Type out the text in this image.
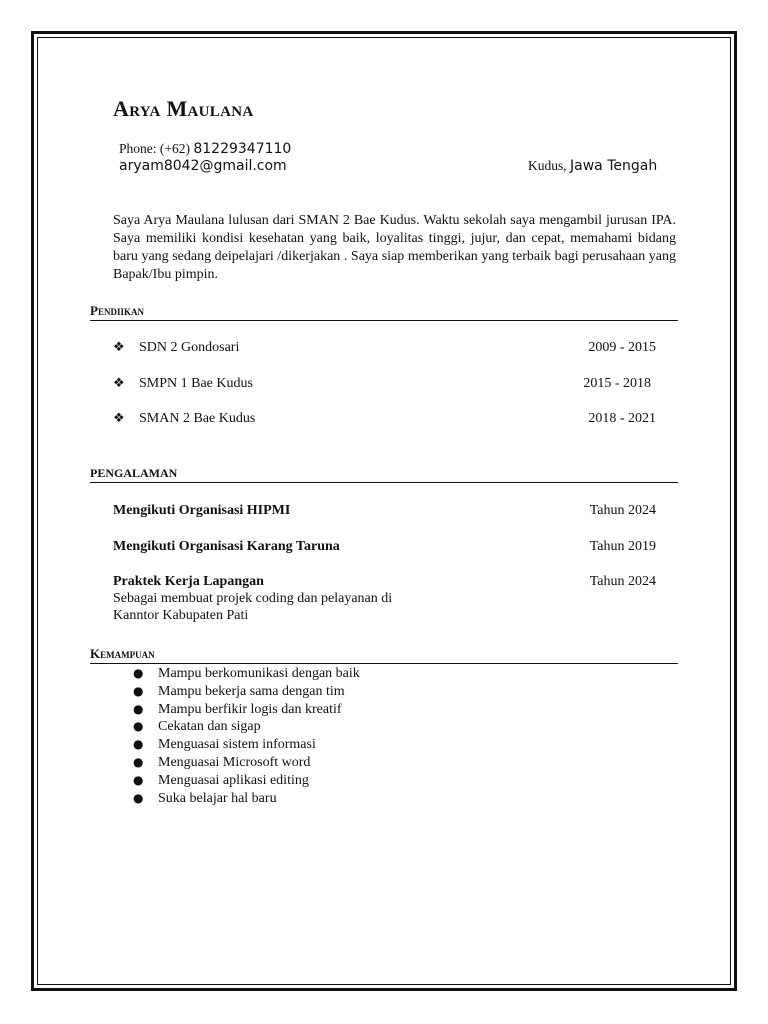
Arya Maulana
Phone: (+62) 81229347110
aryam8042@gmail.com	Kudus, Jawa Tengah
Saya Arya Maulana lulusan dari SMAN 2 Bae Kudus. Waktu sekolah saya mengambil jurusan IPA. Saya memiliki kondisi kesehatan yang baik, loyalitas tinggi, jujur, dan cepat, memahami bidang baru yang sedang deipelajari /dikerjakan . Saya siap memberikan yang terbaik bagi perusahaan yang Bapak/Ibu pimpin.
Pendiikan
❖ SDN 2 Gondosari	2009 - 2015
❖ SMPN 1 Bae Kudus	2015 - 2018
❖ SMAN 2 Bae Kudus	2018 - 2021
PENGALAMAN
Mengikuti Organisasi HIPMI	Tahun 2024
Mengikuti Organisasi Karang Taruna	Tahun 2019
Praktek Kerja Lapangan	Tahun 2024
Sebagai membuat projek coding dan pelayanan di Kanntor Kabupaten Pati
Kemampuan
● Mampu berkomunikasi dengan baik
● Mampu bekerja sama dengan tim
● Mampu berfikir logis dan kreatif
● Cekatan dan sigap
● Menguasai sistem informasi
● Menguasai Microsoft word
● Menguasai aplikasi editing
● Suka belajar hal baru
